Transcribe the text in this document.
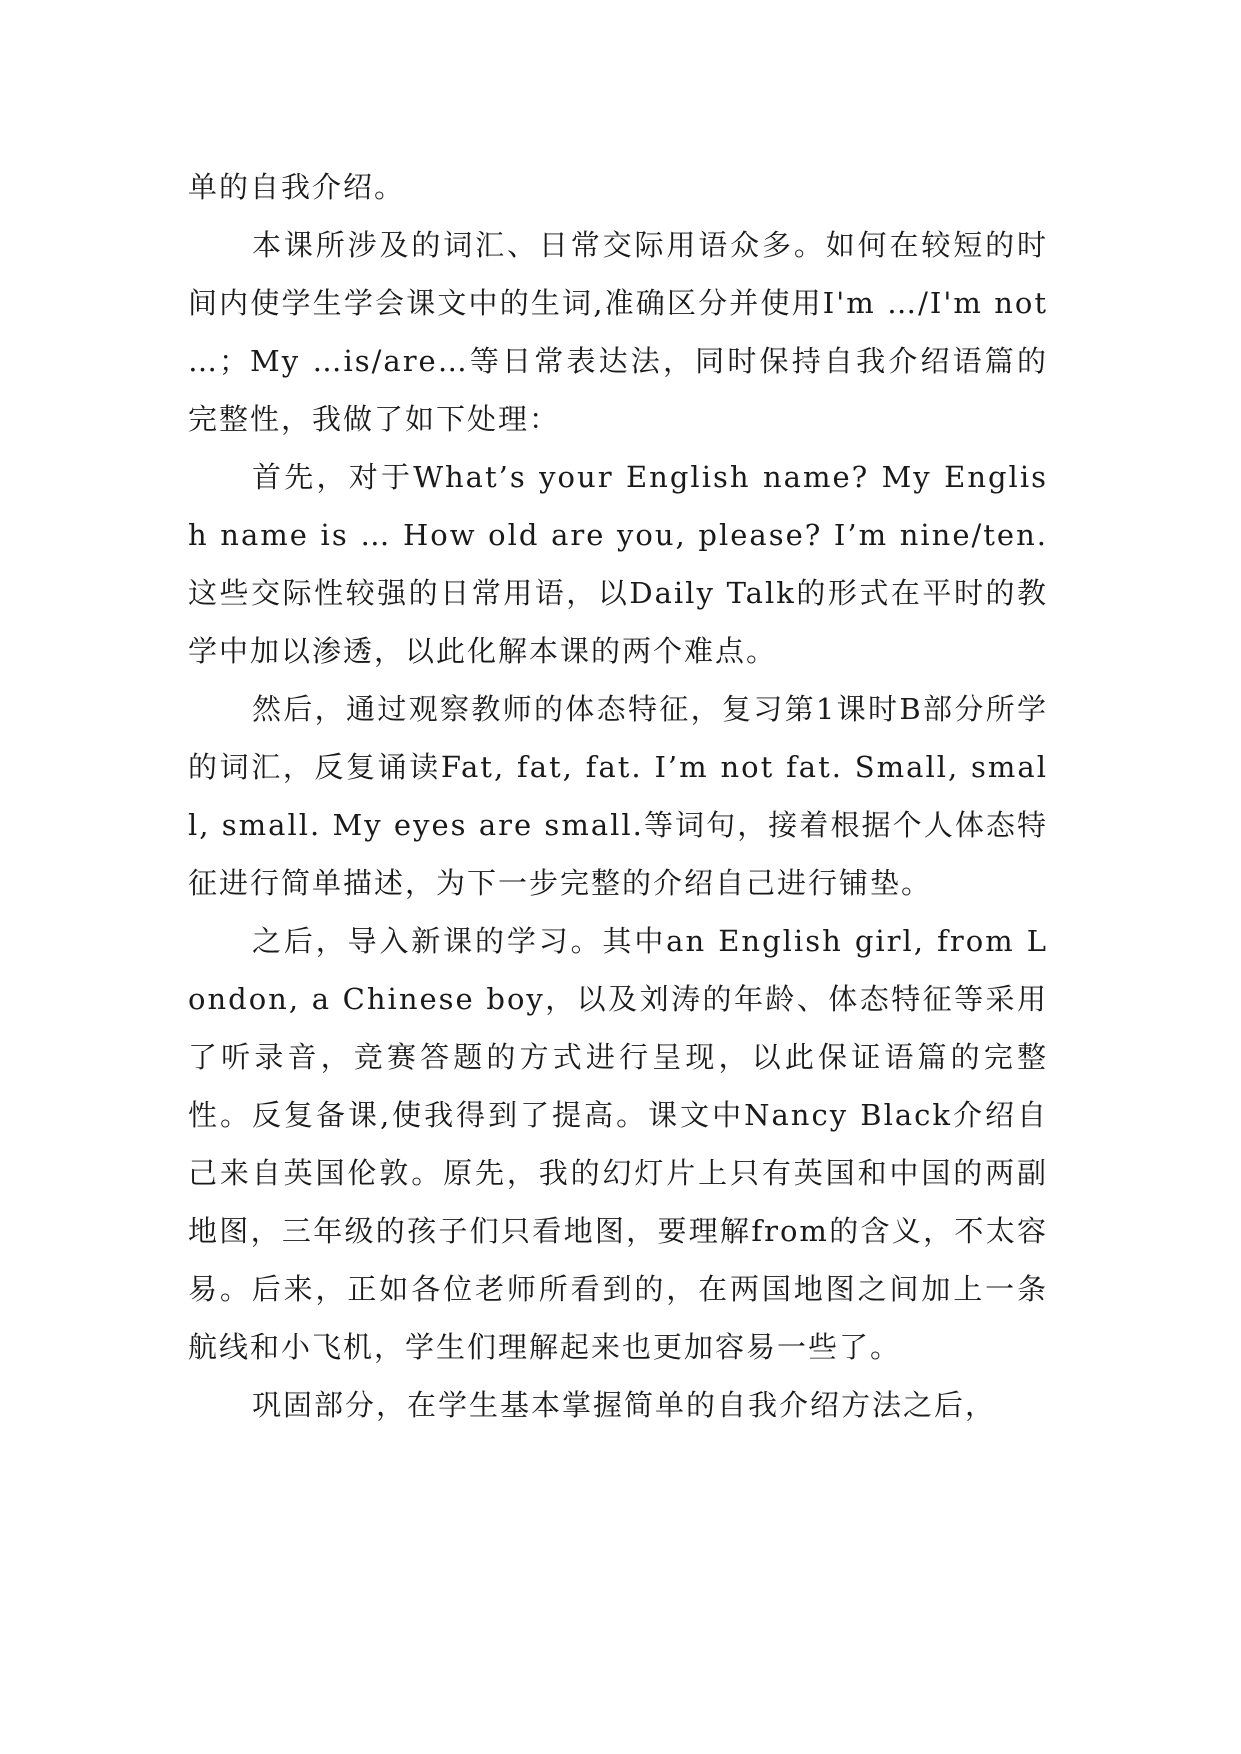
单的自我介绍。

本课所涉及的词汇、日常交际用语众多。如何在较短的时间内使学生学会课文中的生词,准确区分并使用I'm …/I'm not …；My …is/are…等日常表达法，同时保持自我介绍语篇的完整性，我做了如下处理：

首先，对于What’s your English name? My English name is … How old are you, please? I’m nine/ten.这些交际性较强的日常用语，以Daily Talk的形式在平时的教学中加以渗透，以此化解本课的两个难点。

然后，通过观察教师的体态特征，复习第1课时B部分所学的词汇，反复诵读Fat, fat, fat. I’m not fat. Small, small, small. My eyes are small.等词句，接着根据个人体态特征进行简单描述，为下一步完整的介绍自己进行铺垫。

之后，导入新课的学习。其中an English girl, from London, a Chinese boy，以及刘涛的年龄、体态特征等采用了听录音，竞赛答题的方式进行呈现，以此保证语篇的完整性。反复备课,使我得到了提高。课文中Nancy Black介绍自己来自英国伦敦。原先，我的幻灯片上只有英国和中国的两副地图，三年级的孩子们只看地图，要理解from的含义，不太容易。后来，正如各位老师所看到的，在两国地图之间加上一条航线和小飞机，学生们理解起来也更加容易一些了。

巩固部分，在学生基本掌握简单的自我介绍方法之后，
